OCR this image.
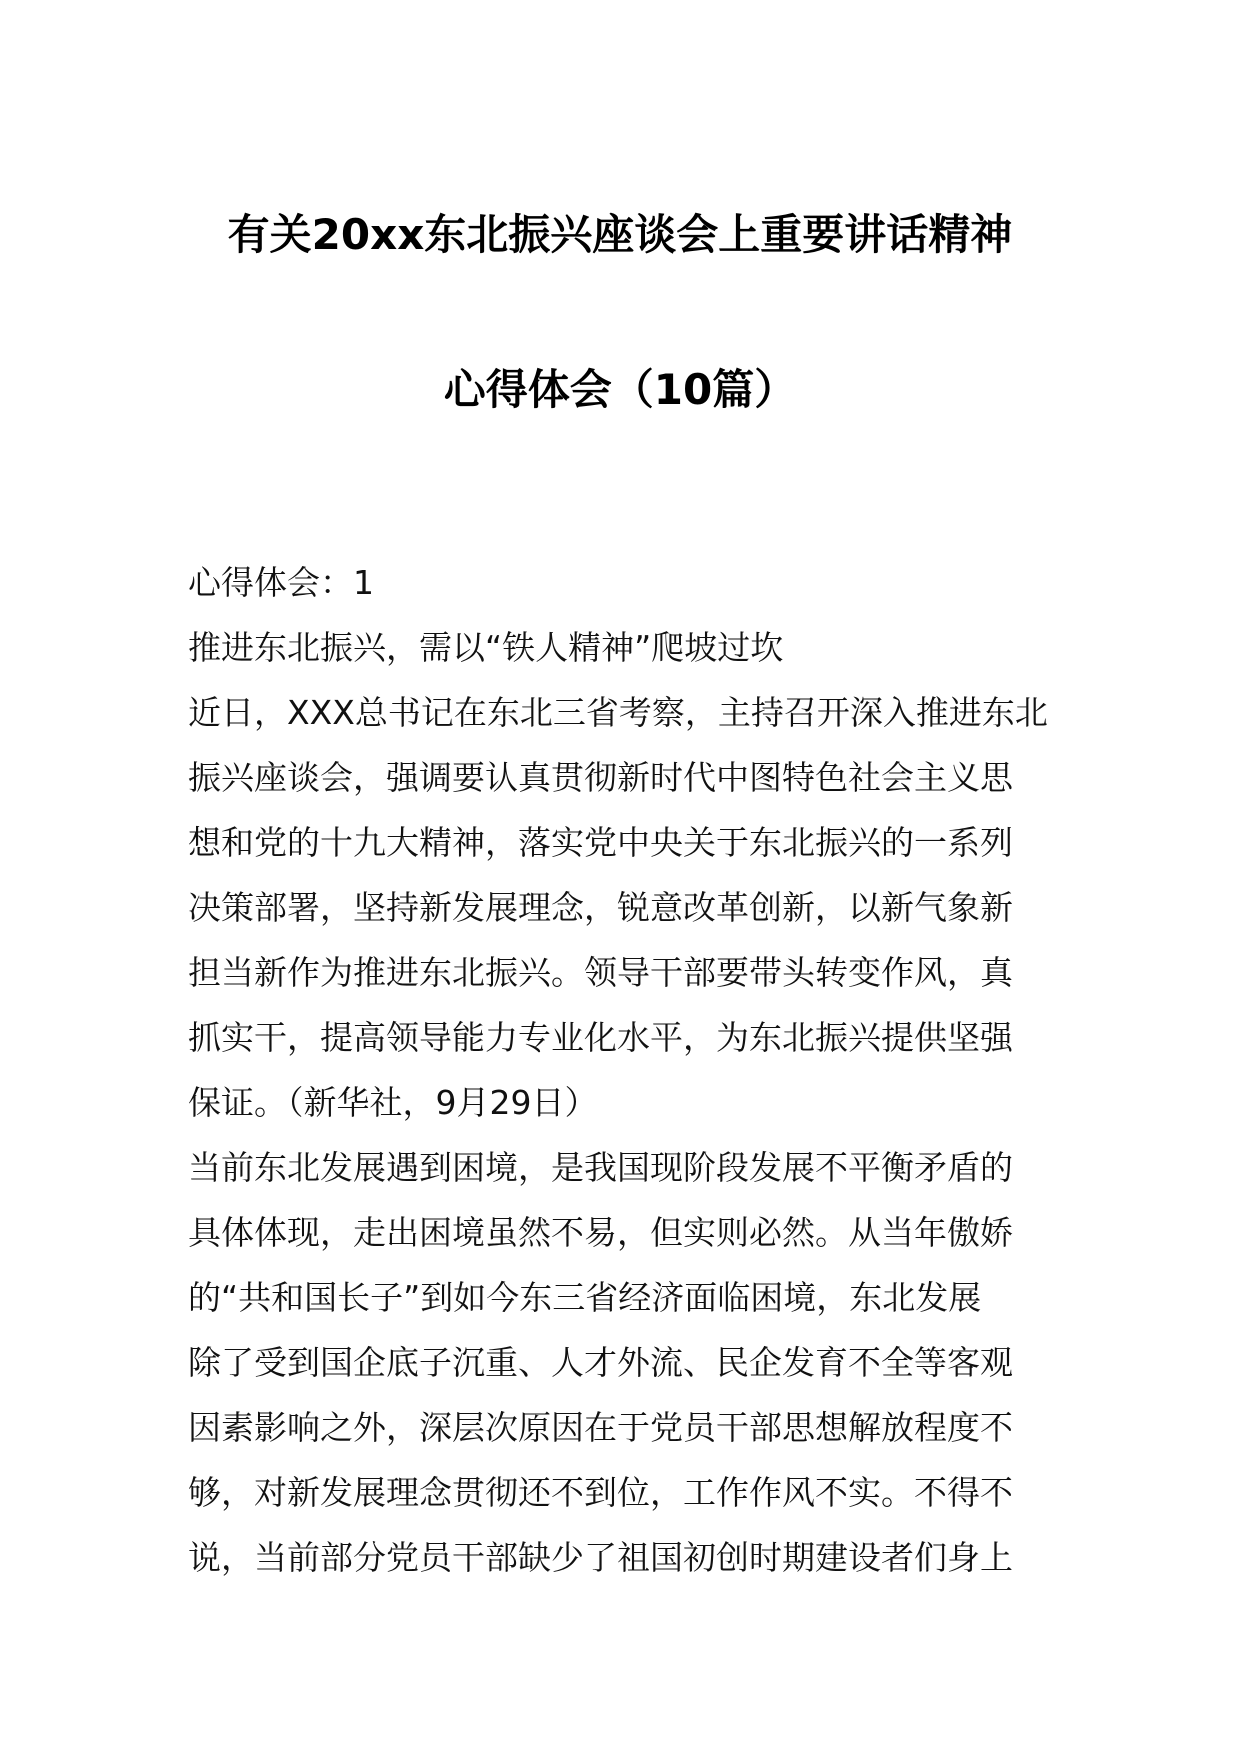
有关20xx东北振兴座谈会上重要讲话精神
心得体会（10篇）
心得体会：1
推进东北振兴，需以“铁人精神”爬坡过坎
近日，XXX总书记在东北三省考察，主持召开深入推进东北
振兴座谈会，强调要认真贯彻新时代中图特色社会主义思
想和党的十九大精神，落实党中央关于东北振兴的一系列
决策部署，坚持新发展理念，锐意改革创新，以新气象新
担当新作为推进东北振兴。领导干部要带头转变作风，真
抓实干，提高领导能力专业化水平，为东北振兴提供坚强
保证。（新华社，9月29日）
当前东北发展遇到困境，是我国现阶段发展不平衡矛盾的
具体体现，走出困境虽然不易，但实则必然。从当年傲娇
的“共和国长子”到如今东三省经济面临困境，东北发展
除了受到国企底子沉重、人才外流、民企发育不全等客观
因素影响之外，深层次原因在于党员干部思想解放程度不
够，对新发展理念贯彻还不到位，工作作风不实。不得不
说，当前部分党员干部缺少了祖国初创时期建设者们身上
